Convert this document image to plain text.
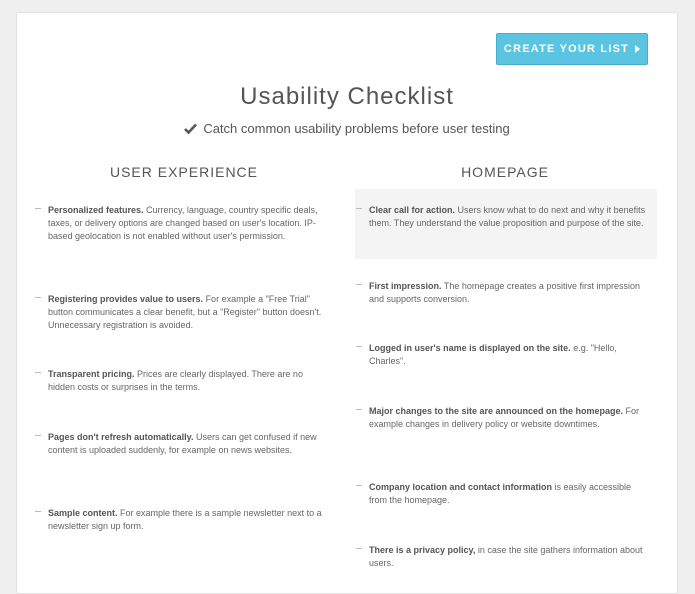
CREATE YOUR LIST
Usability Checklist
Catch common usability problems before user testing
USER EXPERIENCE	HOMEPAGE
Personalized features. Currency, language, country specific deals, taxes, or delivery options are changed based on user's location. IP-based geolocation is not enabled without user's permission.
Registering provides value to users. For example a "Free Trial" button communicates a clear benefit, but a "Register" button doesn't. Unnecessary registration is avoided.
Transparent pricing. Prices are clearly displayed. There are no hidden costs or surprises in the terms.
Pages don't refresh automatically. Users can get confused if new content is uploaded suddenly, for example on news websites.
Sample content. For example there is a sample newsletter next to a newsletter sign up form.
Clear call for action. Users know what to do next and why it benefits them. They understand the value proposition and purpose of the site.
First impression. The homepage creates a positive first impression and supports conversion.
Logged in user's name is displayed on the site. e.g. "Hello, Charles".
Major changes to the site are announced on the homepage. For example changes in delivery policy or website downtimes.
Company location and contact information is easily accessible from the homepage.
There is a privacy policy, in case the site gathers information about users.
